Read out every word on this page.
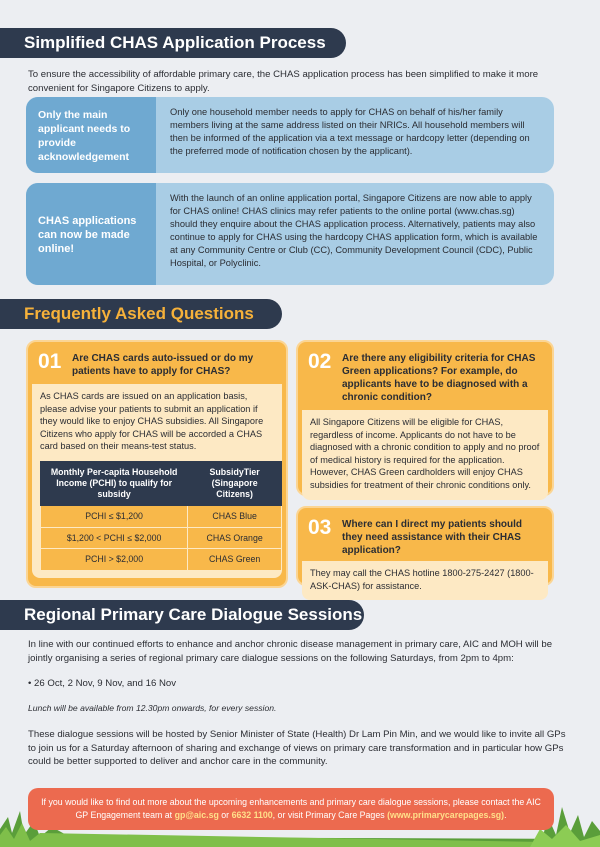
Simplified CHAS Application Process
To ensure the accessibility of affordable primary care, the CHAS application process has been simplified to make it more convenient for Singapore Citizens to apply.
Only the main applicant needs to provide acknowledgement
Only one household member needs to apply for CHAS on behalf of his/her family members living at the same address listed on their NRICs. All household members will then be informed of the application via a text message or hardcopy letter (depending on the preferred mode of notification chosen by the applicant).
CHAS applications can now be made online!
With the launch of an online application portal, Singapore Citizens are now able to apply for CHAS online! CHAS clinics may refer patients to the online portal (www.chas.sg) should they enquire about the CHAS application process. Alternatively, patients may also continue to apply for CHAS using the hardcopy CHAS application form, which is available at any Community Centre or Club (CC), Community Development Council (CDC), Public Hospital, or Polyclinic.
Frequently Asked Questions
01	Are CHAS cards auto-issued or do my patients have to apply for CHAS?
As CHAS cards are issued on an application basis, please advise your patients to submit an application if they would like to enjoy CHAS subsidies. All Singapore Citizens who apply for CHAS will be accorded a CHAS card based on their means-test status.
Monthly Per-capita Household Income (PCHI) to qualify for subsidy	SubsidyTier (Singapore Citizens)
PCHI ≤ $1,200	CHAS Blue
$1,200 < PCHI ≤ $2,000	CHAS Orange
PCHI > $2,000	CHAS Green
02	Are there any eligibility criteria for CHAS Green applications? For example, do applicants have to be diagnosed with a chronic condition?
All Singapore Citizens will be eligible for CHAS, regardless of income. Applicants do not have to be diagnosed with a chronic condition to apply and no proof of medical history is required for the application. However, CHAS Green cardholders will enjoy CHAS subsidies for treatment of their chronic conditions only.
03	Where can I direct my patients should they need assistance with their CHAS application?
They may call the CHAS hotline 1800-275-2427 (1800-ASK-CHAS) for assistance.
Regional Primary Care Dialogue Sessions
In line with our continued efforts to enhance and anchor chronic disease management in primary care, AIC and MOH will be jointly organising a series of regional primary care dialogue sessions on the following Saturdays, from 2pm to 4pm:
• 26 Oct, 2 Nov, 9 Nov, and 16 Nov
Lunch will be available from 12.30pm onwards, for every session.
These dialogue sessions will be hosted by Senior Minister of State (Health) Dr Lam Pin Min, and we would like to invite all GPs to join us for a Saturday afternoon of sharing and exchange of views on primary care transformation and in particular how GPs could be better supported to deliver and anchor care in the community.
If you would like to find out more about the upcoming enhancements and primary care dialogue sessions, please contact the AIC GP Engagement team at gp@aic.sg or 6632 1100, or visit Primary Care Pages (www.primarycarepages.sg).
